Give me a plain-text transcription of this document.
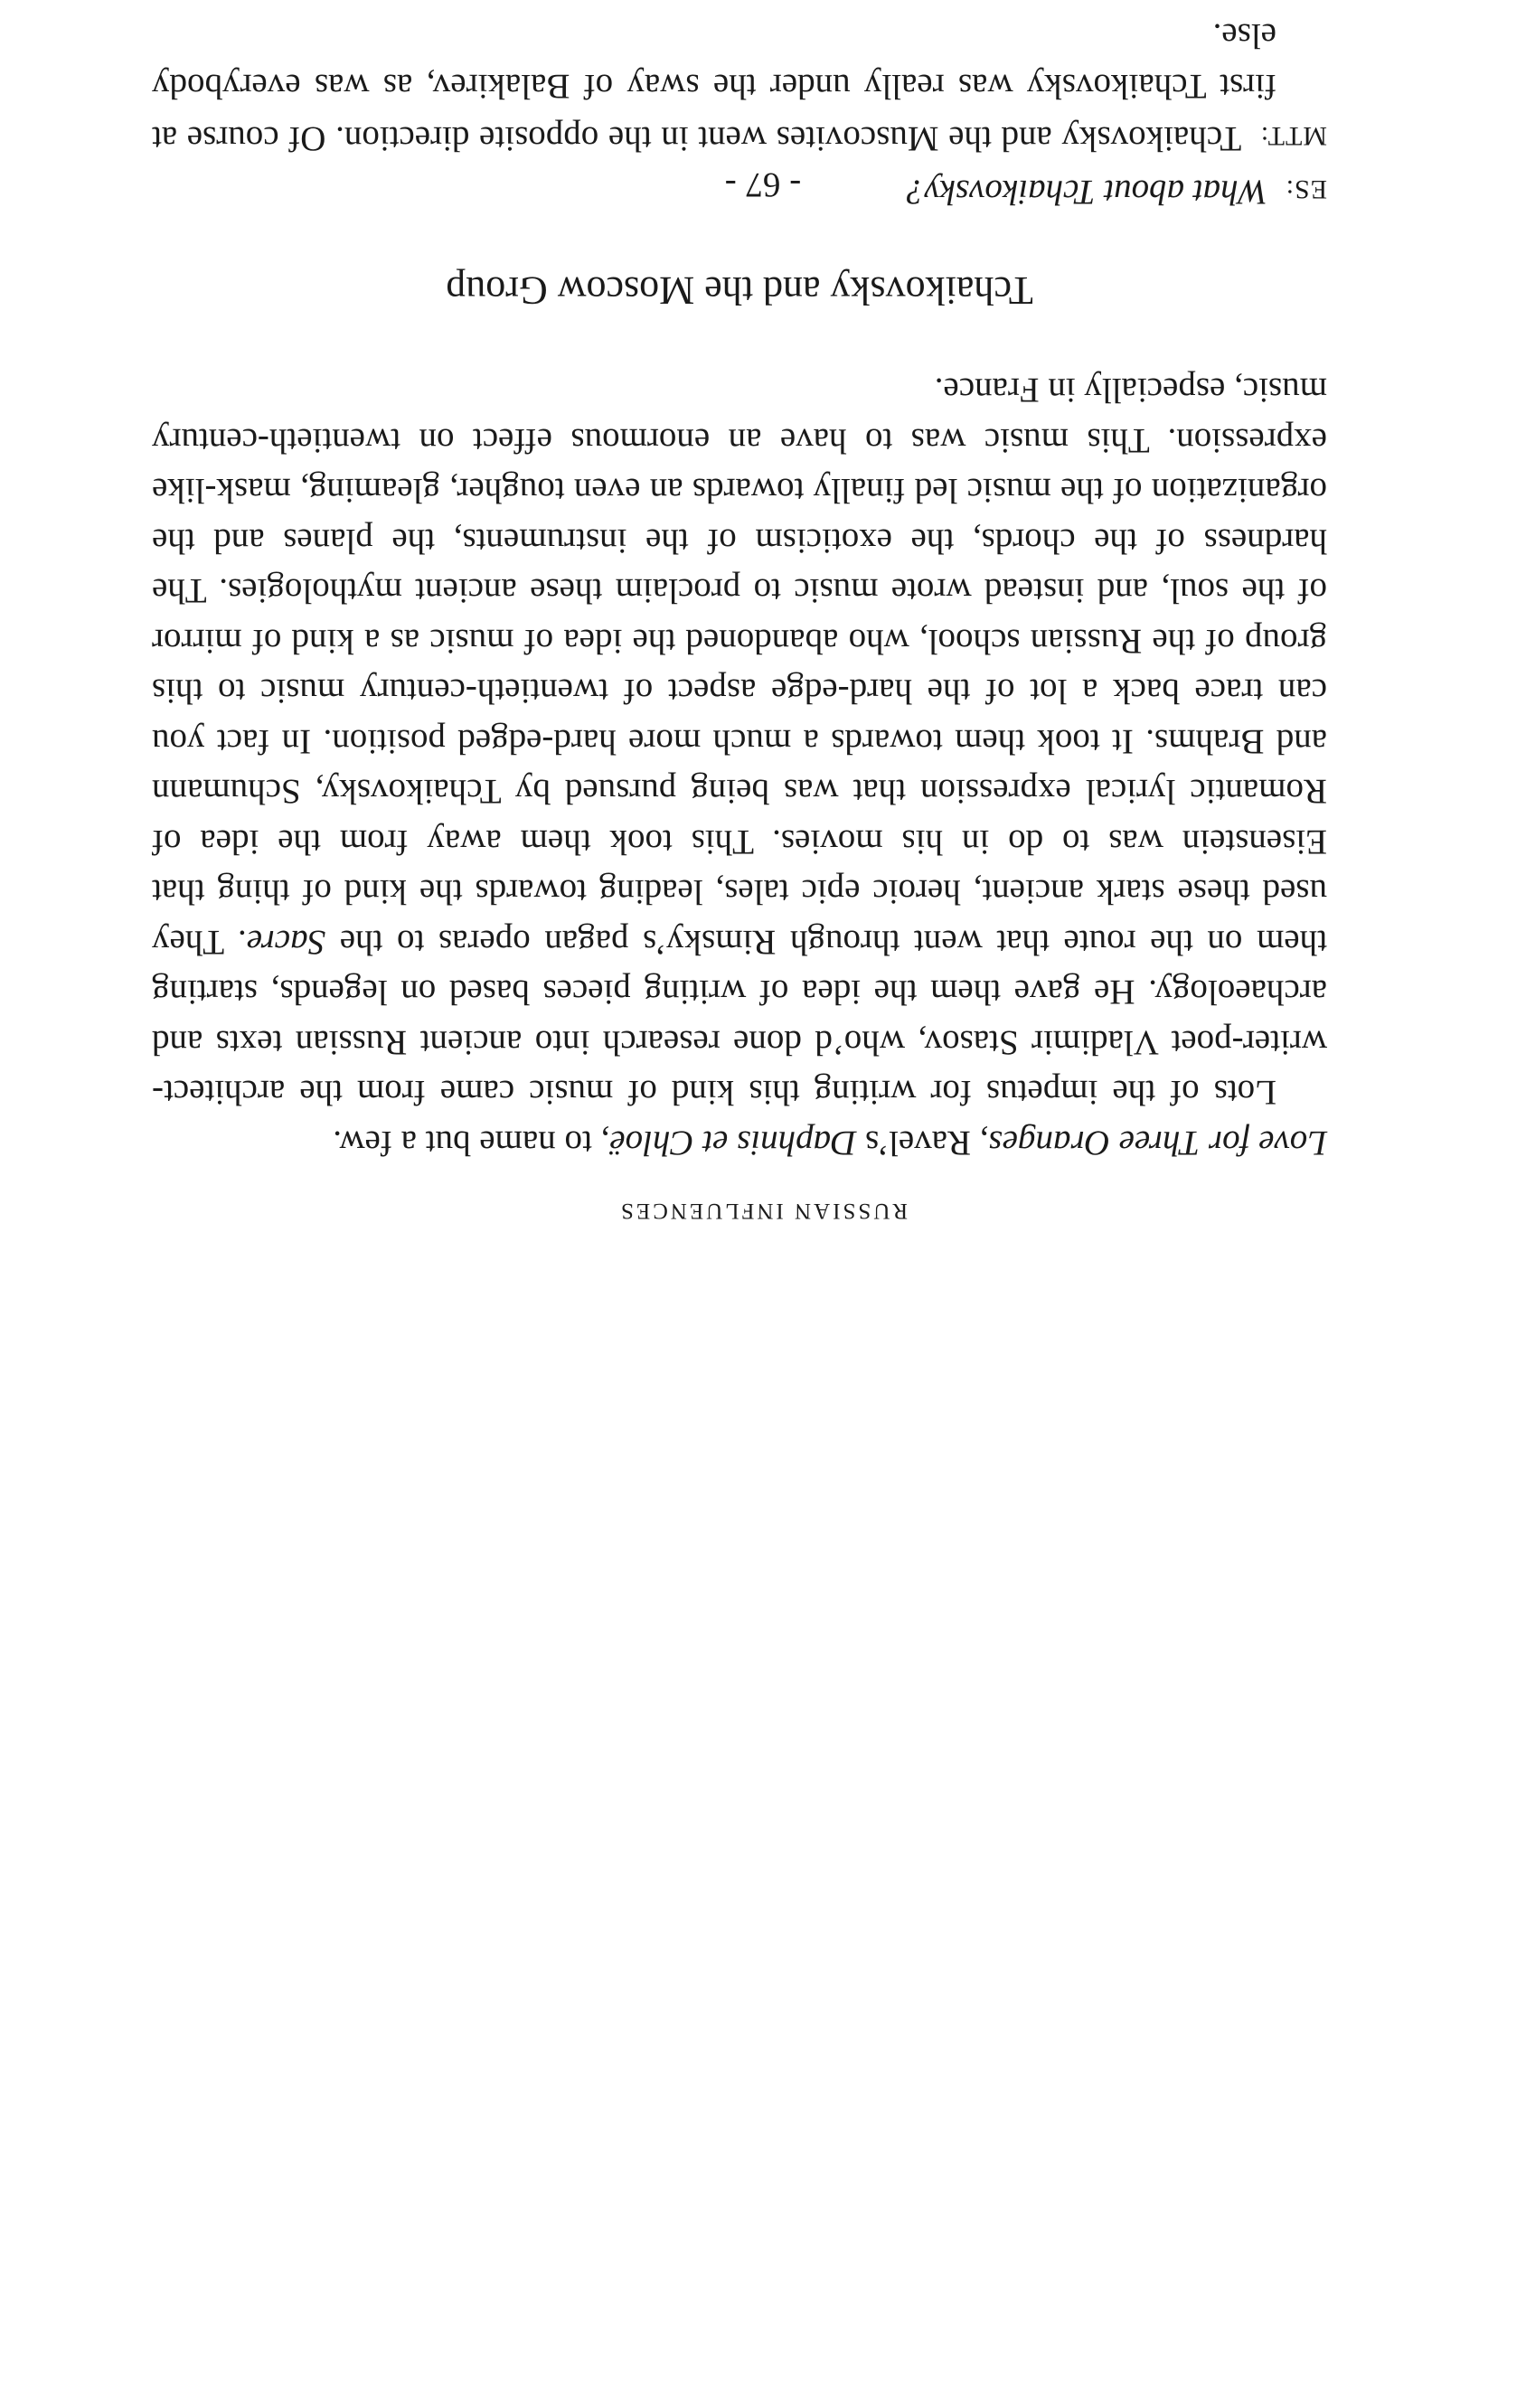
RUSSIAN INFLUENCES

Love for Three Oranges, Ravel’s Daphnis et Chloë, to name but a few.

Lots of the impetus for writing this kind of music came from the architect-writer-poet Vladimir Stasov, who’d done research into ancient Russian texts and archaeology. He gave them the idea of writing pieces based on legends, starting them on the route that went through Rimsky’s pagan operas to the Sacre. They used these stark ancient, heroic epic tales, leading towards the kind of thing that Eisenstein was to do in his movies. This took them away from the idea of Romantic lyrical expression that was being pursued by Tchaikovsky, Schumann and Brahms. It took them towards a much more hard-edged position. In fact you can trace back a lot of the hard-edge aspect of twentieth-century music to this group of the Russian school, who abandoned the idea of music as a kind of mirror of the soul, and instead wrote music to proclaim these ancient mythologies. The hardness of the chords, the exoticism of the instruments, the planes and the organization of the music led finally towards an even tougher, gleaming, mask-like expression. This music was to have an enormous effect on twentieth-century music, especially in France.

Tchaikovsky and the Moscow Group

ES:  What about Tchaikovsky?

MTT:  Tchaikovsky and the Muscovites went in the opposite direction. Of course at first Tchaikovsky was really under the sway of Balakirev, as was everybody else.

- 67 -
